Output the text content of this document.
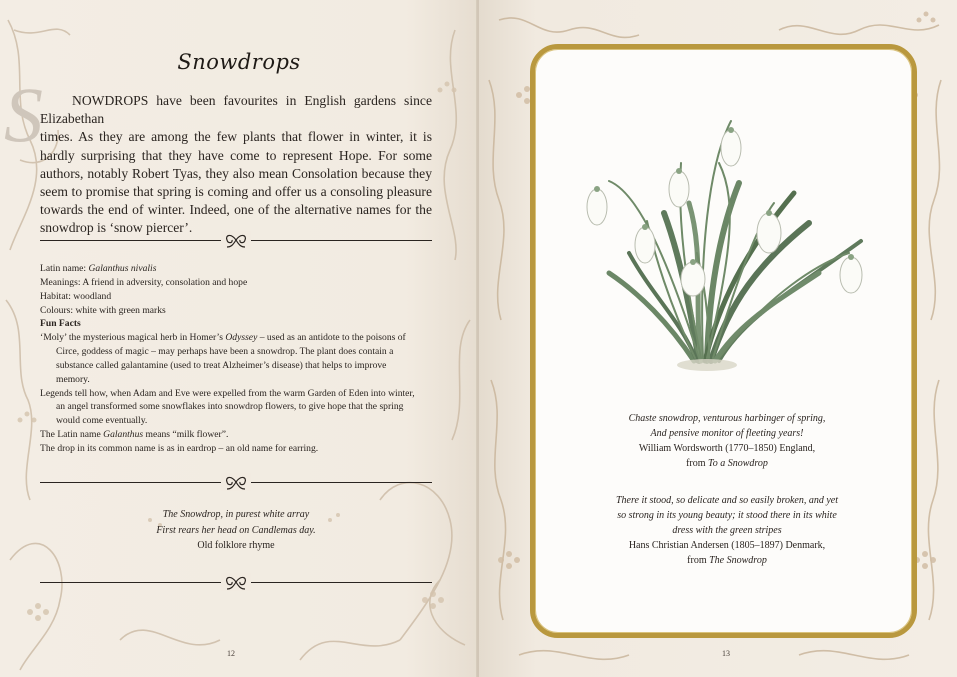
Snowdrops
S	NOWDROPS have been favourites in English gardens since Elizabethan
times. As they are among the few plants that flower in winter, it is hardly surprising that they have come to represent Hope. For some authors, notably Robert Tyas, they also mean Consolation because they seem to promise that spring is coming and offer us a consoling pleasure towards the end of winter. Indeed, one of the alternative names for the snowdrop is ‘snow piercer’.
Latin name: Galanthus nivalis
Meanings: A friend in adversity, consolation and hope
Habitat: woodland
Colours: white with green marks
Fun Facts
‘Moly’ the mysterious magical herb in Homer’s Odyssey – used as an antidote to the poisons of Circe, goddess of magic – may perhaps have been a snowdrop. The plant does contain a substance called galantamine (used to treat Alzheimer’s disease) that helps to improve memory.
Legends tell how, when Adam and Eve were expelled from the warm Garden of Eden into winter, an angel transformed some snowflakes into snowdrop flowers, to give hope that the spring would come eventually.
The Latin name Galanthus means “milk flower”.
The drop in its common name is as in eardrop – an old name for earring.
The Snowdrop, in purest white array
First rears her head on Candlemas day.
Old folklore rhyme
12
Chaste snowdrop, venturous harbinger of spring,
And pensive monitor of fleeting years!
William Wordsworth (1770–1850) England,
from To a Snowdrop
There it stood, so delicate and so easily broken, and yet
so strong in its young beauty; it stood there in its white
dress with the green stripes
Hans Christian Andersen (1805–1897) Denmark,
from The Snowdrop
13
